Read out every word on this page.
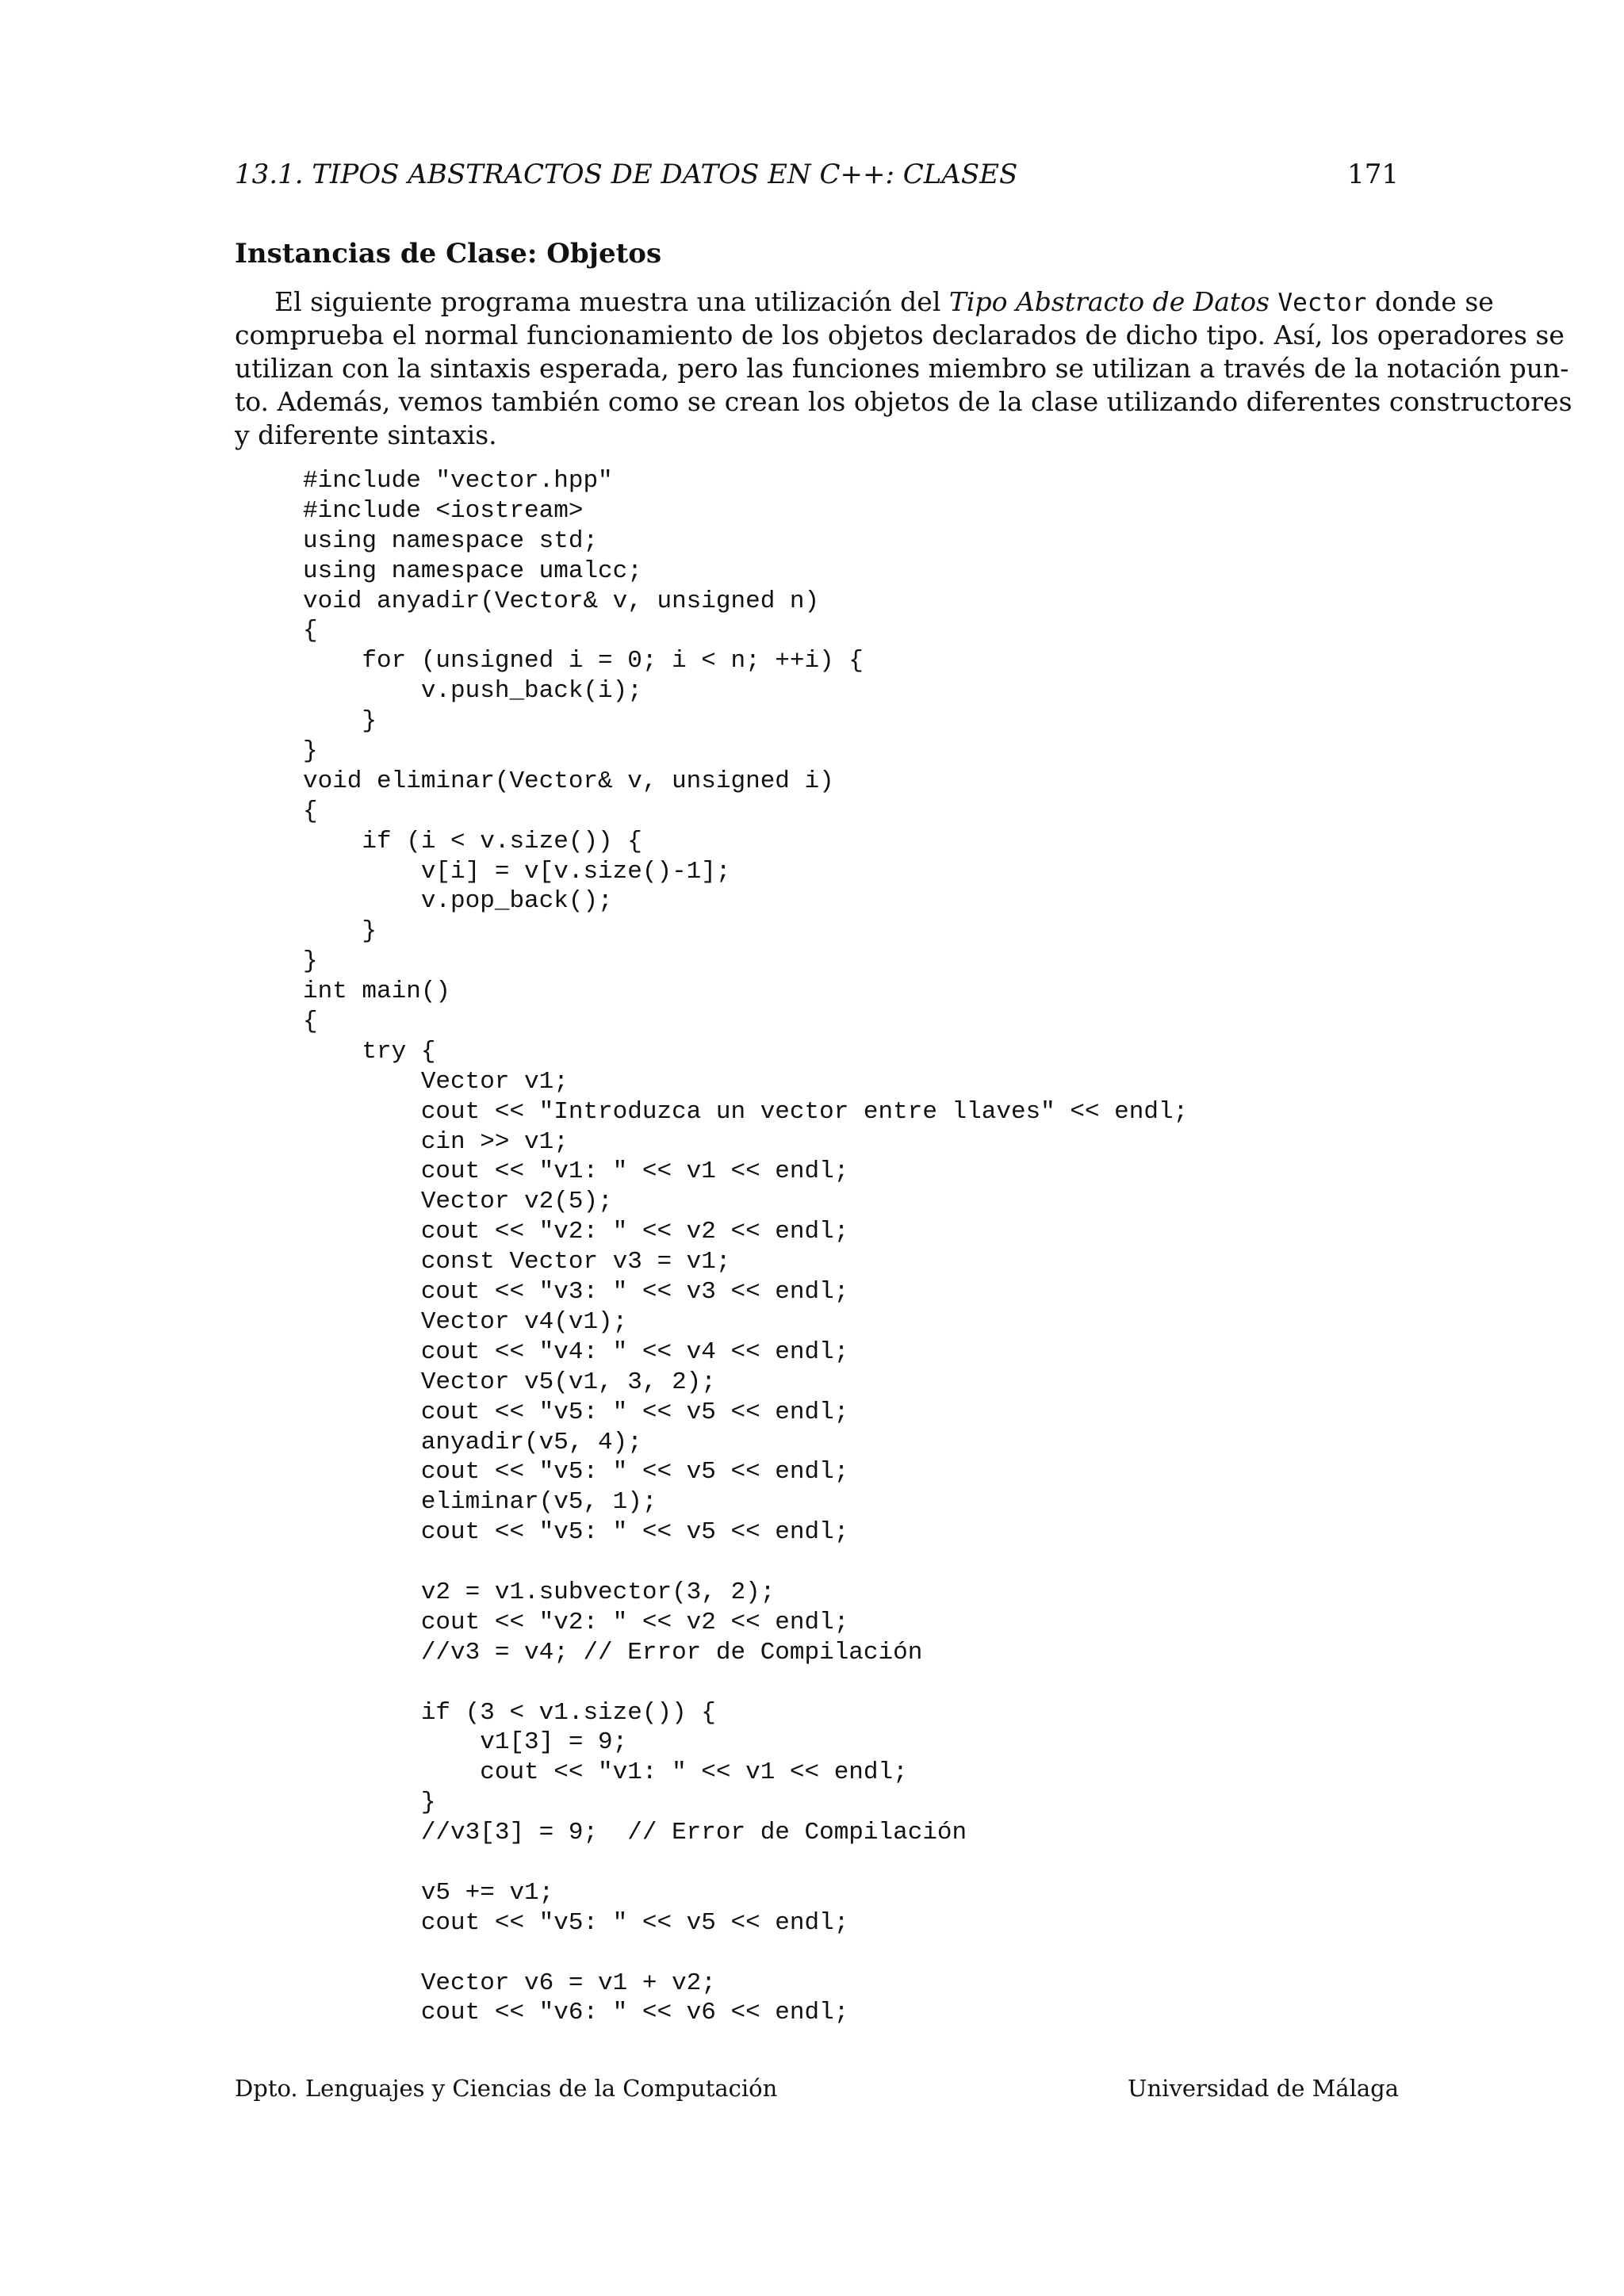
13.1. TIPOS ABSTRACTOS DE DATOS EN C++: CLASES	171
Instancias de Clase: Objetos
El siguiente programa muestra una utilización del Tipo Abstracto de Datos Vector donde se
comprueba el normal funcionamiento de los objetos declarados de dicho tipo. Así, los operadores se
utilizan con la sintaxis esperada, pero las funciones miembro se utilizan a través de la notación pun-
to. Además, vemos también como se crean los objetos de la clase utilizando diferentes constructores
y diferente sintaxis.
#include "vector.hpp"
#include <iostream>
using namespace std;
using namespace umalcc;
void anyadir(Vector& v, unsigned n)
{
for (unsigned i = 0; i < n; ++i) {
v.push_back(i);
}
}
void eliminar(Vector& v, unsigned i)
{
if (i < v.size()) {
v[i] = v[v.size()-1];
v.pop_back();
}
}
int main()
{
try {
Vector v1;
cout << "Introduzca un vector entre llaves" << endl;
cin >> v1;
cout << "v1: " << v1 << endl;
Vector v2(5);
cout << "v2: " << v2 << endl;
const Vector v3 = v1;
cout << "v3: " << v3 << endl;
Vector v4(v1);
cout << "v4: " << v4 << endl;
Vector v5(v1, 3, 2);
cout << "v5: " << v5 << endl;
anyadir(v5, 4);
cout << "v5: " << v5 << endl;
eliminar(v5, 1);
cout << "v5: " << v5 << endl;
v2 = v1.subvector(3, 2);
cout << "v2: " << v2 << endl;
//v3 = v4; // Error de Compilación
if (3 < v1.size()) {
v1[3] = 9;
cout << "v1: " << v1 << endl;
}
//v3[3] = 9;  // Error de Compilación
v5 += v1;
cout << "v5: " << v5 << endl;
Vector v6 = v1 + v2;
cout << "v6: " << v6 << endl;
Dpto. Lenguajes y Ciencias de la Computación	Universidad de Málaga
